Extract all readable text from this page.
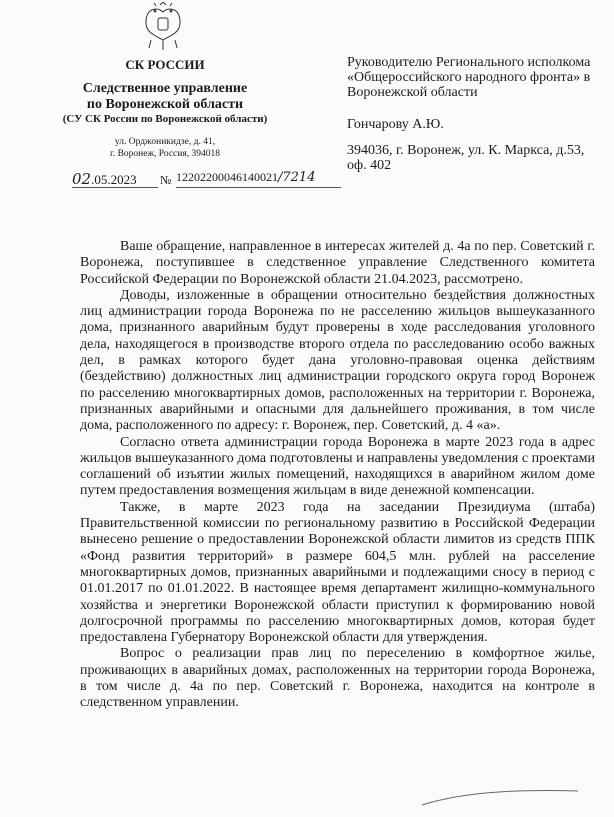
СК РОССИИ
Следственное управление
по Воронежской области
(СУ СК России по Воронежской области)
ул. Орджоникидзе, д. 41,
г. Воронеж, Россия, 394018
02.05.2023	№ 12202200046140021/7214
Руководителю Регионального исполкома «Общероссийского народного фронта» в Воронежской области
Гончарову А.Ю.
394036, г. Воронеж, ул. К. Маркса, д.53, оф. 402

Ваше обращение, направленное в интересах жителей д. 4а по пер. Советский г. Воронежа, поступившее в следственное управление Следственного комитета Российской Федерации по Воронежской области 21.04.2023, рассмотрено.

Доводы, изложенные в обращении относительно бездействия должностных лиц администрации города Воронежа по не расселению жильцов вышеуказанного дома, признанного аварийным будут проверены в ходе расследования уголовного дела, находящегося в производстве второго отдела по расследованию особо важных дел, в рамках которого будет дана уголовно-правовая оценка действиям (бездействию) должностных лиц администрации городского округа город Воронеж по расселению многоквартирных домов, расположенных на территории г. Воронежа, признанных аварийными и опасными для дальнейшего проживания, в том числе дома, расположенного по адресу: г. Воронеж, пер. Советский, д. 4 «а».

Согласно ответа администрации города Воронежа в марте 2023 года в адрес жильцов вышеуказанного дома подготовлены и направлены уведомления с проектами соглашений об изъятии жилых помещений, находящихся в аварийном жилом доме путем предоставления возмещения жильцам в виде денежной компенсации.

Также, в марте 2023 года на заседании Президиума (штаба) Правительственной комиссии по региональному развитию в Российской Федерации вынесено решение о предоставлении Воронежской области лимитов из средств ППК «Фонд развития территорий» в размере 604,5 млн. рублей на расселение многоквартирных домов, признанных аварийными и подлежащими сносу в период с 01.01.2017 по 01.01.2022. В настоящее время департамент жилищно-коммунального хозяйства и энергетики Воронежской области приступил к формированию новой долгосрочной программы по расселению многоквартирных домов, которая будет предоставлена Губернатору Воронежской области для утверждения.

Вопрос о реализации прав лиц по переселению в комфортное жилье, проживающих в аварийных домах, расположенных на территории города Воронежа, в том числе д. 4а по пер. Советский г. Воронежа, находится на контроле в следственном управлении.
